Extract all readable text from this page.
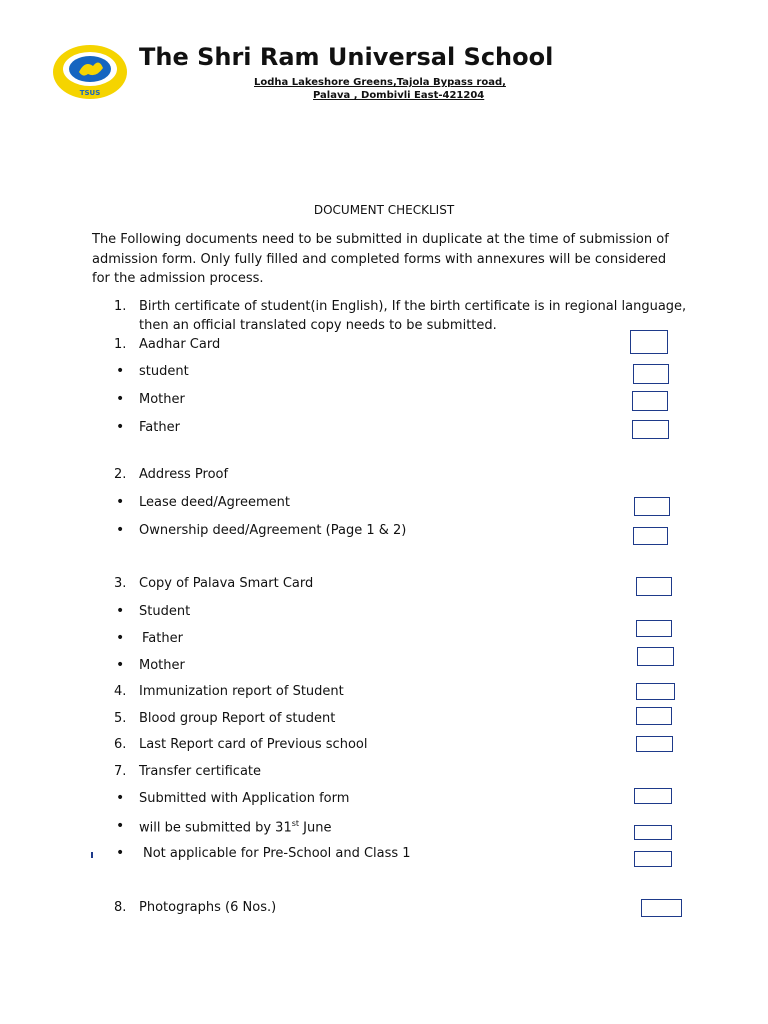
TSUS
The Shri Ram Universal School
Lodha Lakeshore Greens,Tajola Bypass road,
Palava , Dombivli East-421204
DOCUMENT CHECKLIST
The Following documents need to be submitted in duplicate at the time of submission of admission form. Only fully filled and completed forms with annexures will be considered for the admission process.
1. Birth certificate of student(in English), If the birth certificate is in regional language,
then an official translated copy needs to be submitted.
1. Aadhar Card
• student
• Mother
• Father
2. Address Proof
• Lease deed/Agreement
• Ownership deed/Agreement (Page 1 & 2)
3. Copy of Palava Smart Card
• Student
• Father
• Mother
4. Immunization report of Student
5. Blood group Report of student
6. Last Report card of Previous school
7. Transfer certificate
• Submitted with Application form
• will be submitted by 31st June
• Not applicable for Pre-School and Class 1
8. Photographs (6 Nos.)
